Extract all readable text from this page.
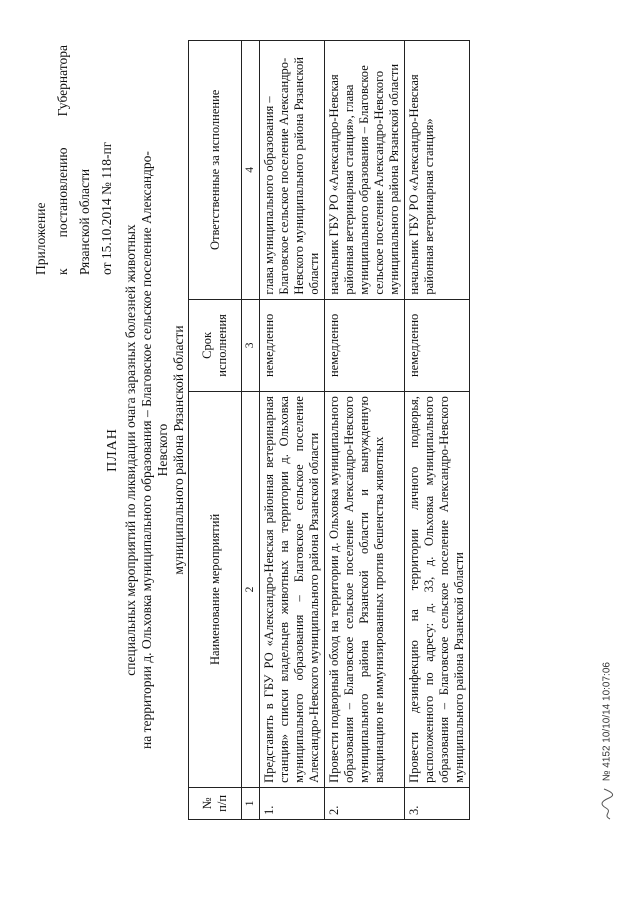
Приложение к
постановлению
Губернатора
Рязанской области от 15.10.2014 № 118-пг
ПЛАН специальных мероприятий по ликвидации очага заразных болезней животных на территории д. Ольховка муниципального образования – Благовское сельское поселение Александро-Невского муниципального района Рязанской области
№ п/п	Наименование мероприятий	Срок исполнения	Ответственные за исполнение
1	2	3	4
1.	Представить в ГБУ РО «Александро-Невская районная ветеринарная станция» списки владельцев животных на территории д. Ольховка муниципального образования – Благовское сельское поселение Александро-Невского муниципального района Рязанской области	немедленно	глава муниципального образования – Благовское сельское поселение Александро-Невского муниципального района Рязанской области
2.	Провести подворный обход на территории д. Ольховка муниципального образования – Благовское сельское поселение Александро-Невского муниципального района Рязанской области и вынужденную вакцинацию не иммунизированных против бешенства животных	немедленно	начальник ГБУ РО «Александро-Невская районная ветеринарная станция», глава муниципального образования – Благовское сельское поселение Александро-Невского муниципального района Рязанской области
3.	Провести дезинфекцию на территории личного подворья, расположенного по адресу: д. 33, д. Ольховка муниципального образования – Благовское сельское поселение Александро-Невского муниципального района Рязанской области	немедленно	начальник ГБУ РО «Александро-Невская районная ветеринарная станция»
№ 4152 10/10/14 10:07:06
